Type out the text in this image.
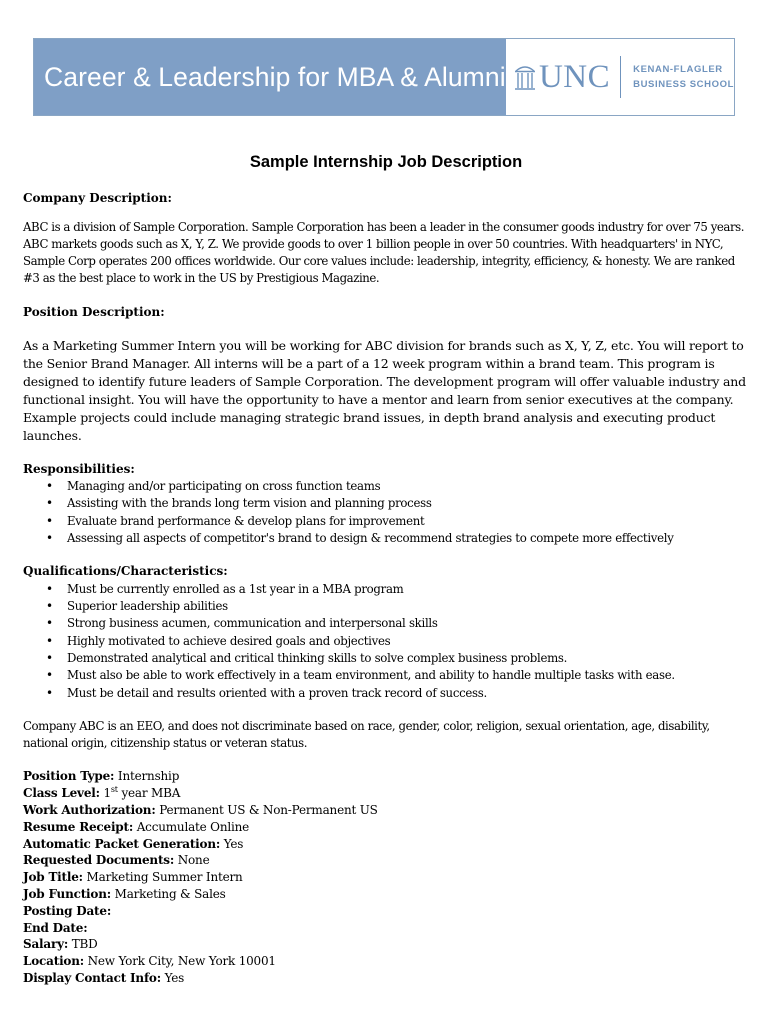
Career & Leadership for MBA & Alumni UNC KENAN-FLAGLER
BUSINESS SCHOOL
Sample Internship Job Description
Company Description:

ABC is a division of Sample Corporation. Sample Corporation has been a leader in the consumer goods industry for over 75 years. ABC markets goods such as X, Y, Z. We provide goods to over 1 billion people in over 50 countries. With headquarters' in NYC, Sample Corp operates 200 offices worldwide. Our core values include: leadership, integrity, efficiency, & honesty. We are ranked #3 as the best place to work in the US by Prestigious Magazine.

Position Description:

As a Marketing Summer Intern you will be working for ABC division for brands such as X, Y, Z, etc. You will report to the Senior Brand Manager. All interns will be a part of a 12 week program within a brand team. This program is designed to identify future leaders of Sample Corporation. The development program will offer valuable industry and functional insight. You will have the opportunity to have a mentor and learn from senior executives at the company. Example projects could include managing strategic brand issues, in depth brand analysis and executing product launches.

Responsibilities:
• Managing and/or participating on cross function teams
• Assisting with the brands long term vision and planning process
• Evaluate brand performance & develop plans for improvement
• Assessing all aspects of competitor's brand to design & recommend strategies to compete more effectively
Qualifications/Characteristics:
• Must be currently enrolled as a 1st year in a MBA program
• Superior leadership abilities
• Strong business acumen, communication and interpersonal skills
• Highly motivated to achieve desired goals and objectives
• Demonstrated analytical and critical thinking skills to solve complex business problems.
• Must also be able to work effectively in a team environment, and ability to handle multiple tasks with ease.
• Must be detail and results oriented with a proven track record of success.

Company ABC is an EEO, and does not discriminate based on race, gender, color, religion, sexual orientation, age, disability, national origin, citizenship status or veteran status.

Position Type: Internship
Class Level: 1st year MBA
Work Authorization: Permanent US & Non-Permanent US
Resume Receipt: Accumulate Online
Automatic Packet Generation: Yes
Requested Documents: None
Job Title: Marketing Summer Intern
Job Function: Marketing & Sales
Posting Date:
End Date:
Salary: TBD
Location: New York City, New York 10001
Display Contact Info: Yes
